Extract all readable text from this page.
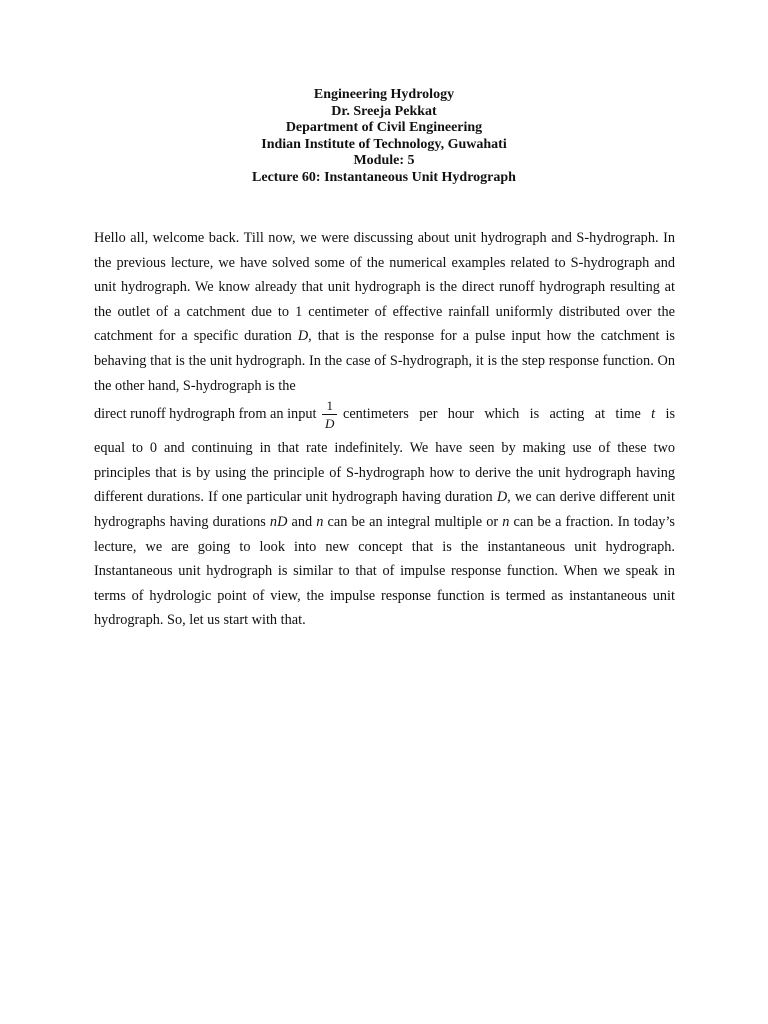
Engineering Hydrology
Dr. Sreeja Pekkat
Department of Civil Engineering
Indian Institute of Technology, Guwahati
Module: 5
Lecture 60: Instantaneous Unit Hydrograph

Hello all, welcome back. Till now, we were discussing about unit hydrograph and S-hydrograph. In the previous lecture, we have solved some of the numerical examples related to S-hydrograph and unit hydrograph. We know already that unit hydrograph is the direct runoff hydrograph resulting at the outlet of a catchment due to 1 centimeter of effective rainfall uniformly distributed over the catchment for a specific duration D, that is the response for a pulse input how the catchment is behaving that is the unit hydrograph. In the case of S-hydrograph, it is the step response function. On the other hand, S-hydrograph is the

direct runoff hydrograph from an input $\frac{1}{D}$ centimeters per hour which is acting at time t is

equal to 0 and continuing in that rate indefinitely. We have seen by making use of these two principles that is by using the principle of S-hydrograph how to derive the unit hydrograph having different durations. If one particular unit hydrograph having duration D, we can derive different unit hydrographs having durations nD and n can be an integral multiple or n can be a fraction. In today’s lecture, we are going to look into new concept that is the instantaneous unit hydrograph. Instantaneous unit hydrograph is similar to that of impulse response function. When we speak in terms of hydrologic point of view, the impulse response function is termed as instantaneous unit hydrograph. So, let us start with that.
